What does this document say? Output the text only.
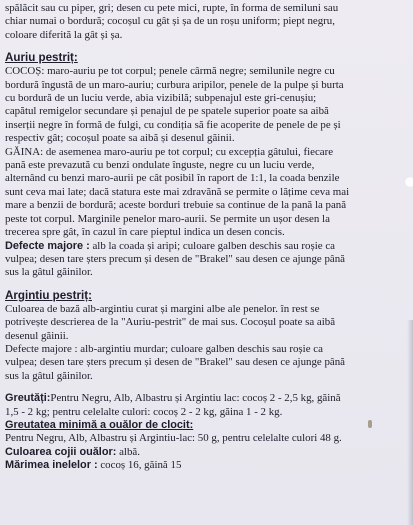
spălăcit sau cu piper, gri; desen cu pete mici, rupte, în forma de semiluni sau
chiar numai o bordură; cocoșul cu gât și șa de un roșu uniform; piept negru,
coloare diferită la gât și șa.
Auriu pestriț:
COCOȘ: maro-auriu pe tot corpul; penele cârmă negre; semilunile negre cu
bordură îngustă de un maro-auriu; curbura aripilor, penele de la pulpe și burta
cu bordură de un luciu verde, abia vizibilă; subpenajul este gri-cenușiu;
capătul remigelor secundare și penajul de pe spatele superior poate sa aibă
inserții negre în formă de fulgi, cu condiția să fie acoperite de penele de pe și
respectiv gât; cocoșul poate sa aibă și desenul găinii.
GĂINA: de asemenea maro-auriu pe tot corpul; cu excepția gâtului, fiecare
pană este prevazută cu benzi ondulate înguste, negre cu un luciu verde,
alternând cu benzi maro-aurii pe cât posibil în raport de 1:1, la coada benzile
sunt ceva mai late; dacă statura este mai zdravănă se permite o lățime ceva mai
mare a benzii de bordură; aceste borduri trebuie sa continue de la pană la pană
peste tot corpul. Marginile penelor maro-aurii. Se permite un ușor desen la
trecerea spre gât, în cazul în care pieptul indica un desen concis.
Defecte majore : alb la coada și aripi; culoare galben deschis sau roșie ca
vulpea; desen tare șters precum și desen de "Brakel" sau desen ce ajunge până
sus la gâtul găinilor.
Argintiu pestriț:
Culoarea de bază alb-argintiu curat și margini albe ale penelor. în rest se
potrivește descrierea de la "Auriu-pestrit" de mai sus. Cocoșul poate sa aibă
desenul găinii.
Defecte majore : alb-argintiu murdar; culoare galben deschis sau roșie ca
vulpea; desen tare șters precum și desen de "Brakel" sau desen ce ajunge până
sus la gâtul găinilor.
Greutăți:Pentru Negru, Alb, Albastru și Argintiu lac: cocoș 2 - 2,5 kg, găină
1,5 - 2 kg; pentru celelalte culori: cocoș 2 - 2 kg, găina 1 - 2 kg.
Greutatea minimă a ouălor de clocit:
Pentru Negru, Alb, Albastru și Argintiu-lac: 50 g, pentru celelalte culori 48 g.
Culoarea cojii ouălor: albă.
Mărimea inelelor : cocoș 16, găină 15
